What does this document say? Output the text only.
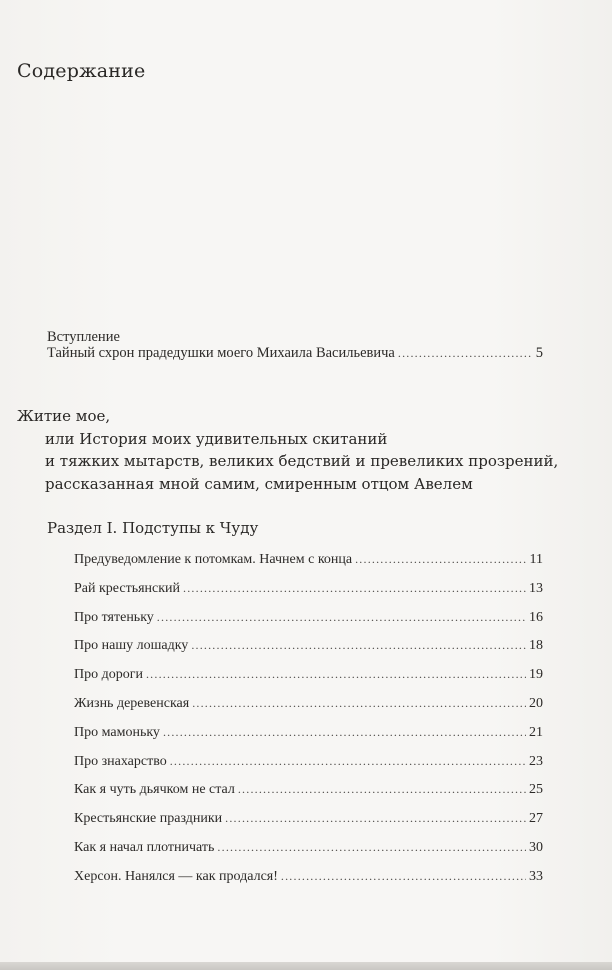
Содержание
Вступление
Тайный схрон прадедушки моего Михаила Васильевича .....	5
Житие мое,
или История моих удивительных скитаний
и тяжких мытарств, великих бедствий и превеликих прозрений,
рассказанная мной самим, смиренным отцом Авелем
Раздел I. Подступы к Чуду
Предуведомление к потомкам. Начнем с конца .....	11
Рай крестьянский .....	13
Про тятеньку .....	16
Про нашу лошадку .....	18
Про дороги .....	19
Жизнь деревенская .....	20
Про мамоньку .....	21
Про знахарство .....	23
Как я чуть дьячком не стал .....	25
Крестьянские праздники .....	27
Как я начал плотничать .....	30
Херсон. Нанялся — как продался! .....	33
